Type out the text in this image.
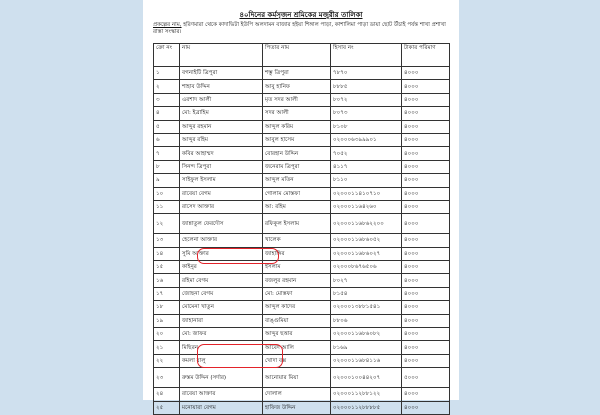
৪০দিনের কর্মসৃজন শ্রমিকের মজুরীর তালিকা
প্রকল্পের নাম, হরিণমারা থেকে কাদাভিটা ইউপি অলদামন বাজার হইয়া শিঙ্গাল পাড়া, কাশালিমা পাড়া ডায়া ছোট উঁচাই পর্যন্ত শাখা প্রশাখা রাস্তা সংস্কার।
ক্রো নং	নাম	পিতার নাম	হিসাব নং	টাকার পরিমাণ
১	বগনাইটি ত্রিপুরা	শম্ভু ত্রিপুরা	৭৮৭০	৪০০০
২	শাহাব উদ্দিন	আবু হানিফ	৮৮৮৫	৪০০০
৩	এরশাদ আলী	মৃত সদর আলী	৮০৭২	৪০০০
৪	মো: ইব্রাহিম	সদর আলী	৮০৭৩	৪০০০
৫	আব্দুর রহমান	আব্দুল করিম	৮১০৮	৪০০০
৬	আব্দুর রহিম	আবুল হাসেম	০২০০০৬৩৯৯৯০১	৪০০০
৭	কবির আহাম্মদ	বোরহান উদ্দিন	৭০৫২	৪০০০
৮	সিনন্দ ত্রিপুরা	জনেরাম ত্রিপুরা	৪১১৭	৪০০০
৯	সাইফুল ইসলাম	আব্দুল মতিন	৮১১০	৪০০০
১০	রাবেয়া বেগম	গোলাম মোস্তফা	০২০০০১১৪১০৭১০	৪০০০
১১	রাসেদ আক্তার	আ: রহিম	০২০০০১১৬৪২৬০	৪০০০
১২	জান্নাতুল ফেরদৌস	রফিকুল ইসলাম	০২০০০১১৬৮৬২২০০	৪০০০
১৩	হেলেনা আক্তার	খালেক	০২০০০১১৬৮৬০৫২	৪০০০
১৪	সুমি আক্তার	জাহাঙ্গির	০২০০০১১৬৮৬০২৭	৪০০০
১৫	কাইনুর	ইসলাম	০২০০০৮৬৭৬৫০৬	৪০০০
১৬	রহিমা বেগম	বজলুর রহমান	৮০২৭	৪০০০
১৭	জোছনা বেগম	মো: মোস্তফা	৮১৫৪	৪০০০
১৮	মোমেনা খাতুন	আব্দুল কাদের	০২০০০১৩৮৮১৫৪১	৪০০০
১৯	জাহানারা	বাঙ্গুমিয়া	৮৮০৬	৪০০০
২০	মো: জাফর	আব্দুর ছত্তার	০২০০০১১৬৮৬০৮২	৪০০০
২১	মিছিরন	আবেদ আলি	৮১৬৯	৪০০০
২২	কমলা বালু	খোদা বক্স	০২০০০১১৬৮৪১১৬	৪০০০
২৩	রুস্তম উদ্দিন (সর্দার)	আনোয়ার মিয়া	০২০০০১০০৪৪২০৭	৫০০০
২৪	রাবেয়া আক্তার	দোলাল	০২০০০১১২৮৮১২২	৪০০০
২৫	মনোয়ারা বেগম	হাফিজ উদ্দিন	০২০০০১১২৮৮৮৮৫	৪০০০
